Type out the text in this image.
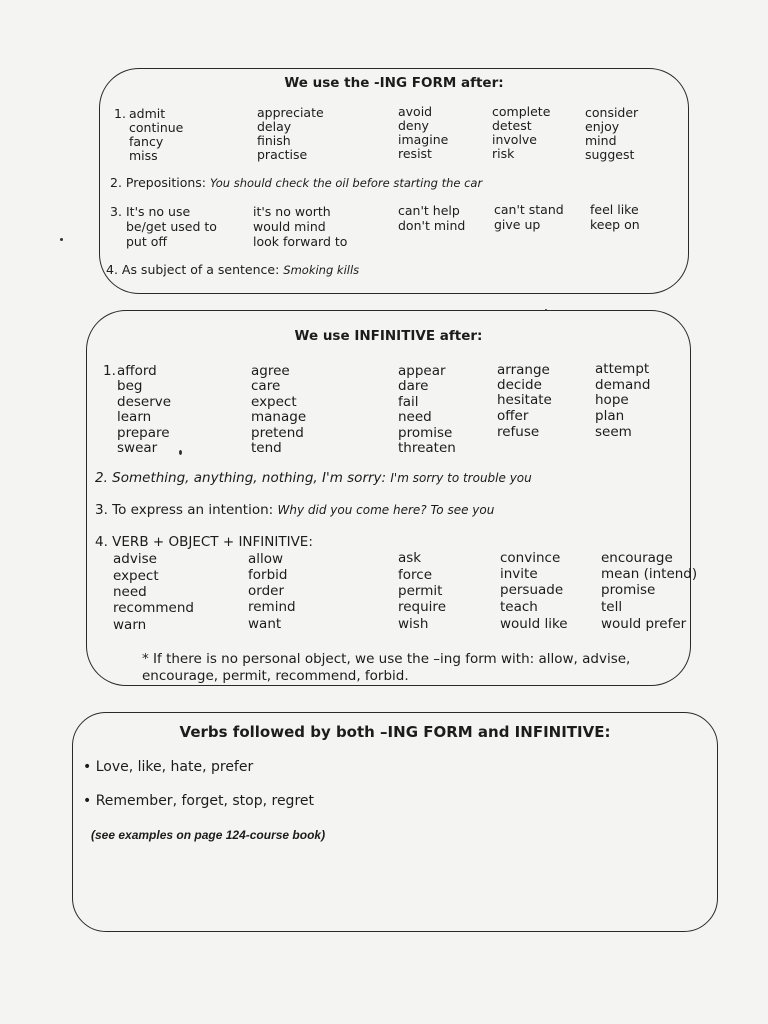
We use the -ING FORM after:
1. admit
continue
fancy
miss
appreciate
delay
finish
practise
avoid
deny
imagine
resist
complete
detest
involve
risk
consider
enjoy
mind
suggest
2. Prepositions: You should check the oil before starting the car
3. It's no use
be/get used to
put off
it's no worth
would mind
look forward to
can't help
don't mind
can't stand
give up
feel like
keep on
4. As subject of a sentence: Smoking kills
We use INFINITIVE after:
1. afford
beg
deserve
learn
prepare
swear
agree
care
expect
manage
pretend
tend
appear
dare
fail
need
promise
threaten
arrange
decide
hesitate
offer
refuse
attempt
demand
hope
plan
seem
2. Something, anything, nothing, I'm sorry: I'm sorry to trouble you
3. To express an intention: Why did you come here? To see you
4. VERB + OBJECT + INFINITIVE:
advise
expect
need
recommend
warn
allow
forbid
order
remind
want
ask
force
permit
require
wish
convince
invite
persuade
teach
would like
encourage
mean (intend)
promise
tell
would prefer
* If there is no personal object, we use the –ing form with: allow, advise,
encourage, permit, recommend, forbid.
Verbs followed by both –ING FORM and INFINITIVE:
• Love, like, hate, prefer
• Remember, forget, stop, regret
(see examples on page 124-course book)
